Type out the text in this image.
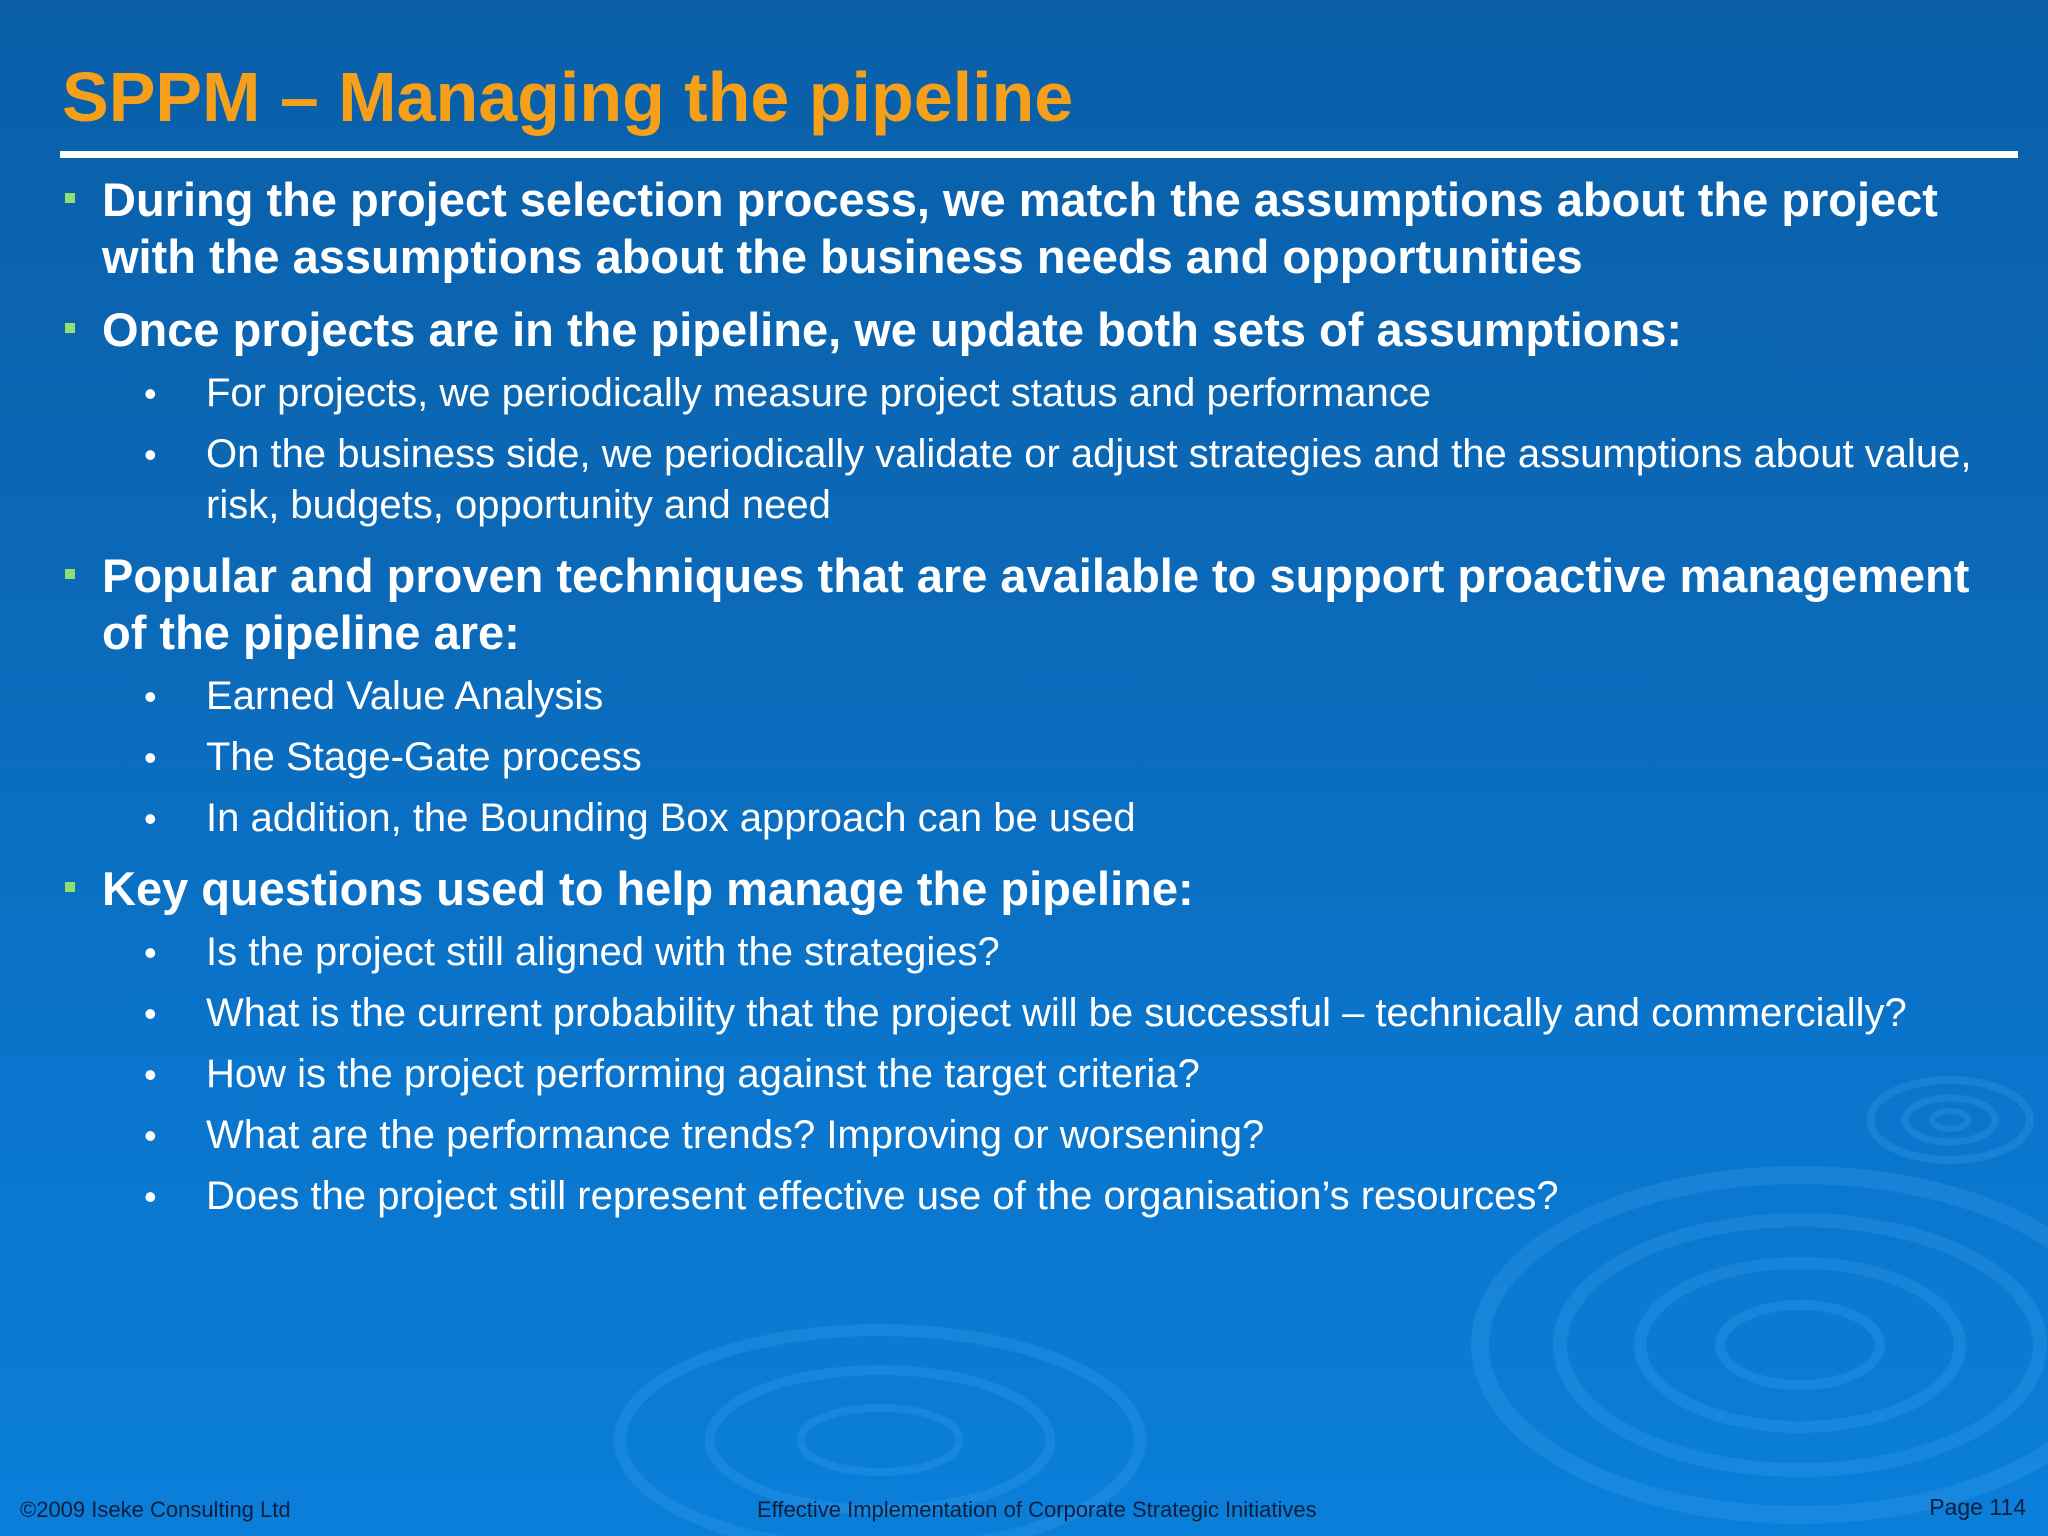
SPPM – Managing the pipeline
During the project selection process, we match the assumptions about the project with the assumptions about the business needs and opportunities
Once projects are in the pipeline, we update both sets of assumptions:
• For projects, we periodically measure project status and performance
• On the business side, we periodically validate or adjust strategies and the assumptions about value, risk, budgets, opportunity and need
Popular and proven techniques that are available to support proactive management of the pipeline are:
• Earned Value Analysis
• The Stage-Gate process
• In addition, the Bounding Box approach can be used
Key questions used to help manage the pipeline:
• Is the project still aligned with the strategies?
• What is the current probability that the project will be successful – technically and commercially?
• How is the project performing against the target criteria?
• What are the performance trends? Improving or worsening?
• Does the project still represent effective use of the organisation’s resources?
©2009 Iseke Consulting Ltd	Effective Implementation of Corporate Strategic Initiatives	Page 114
